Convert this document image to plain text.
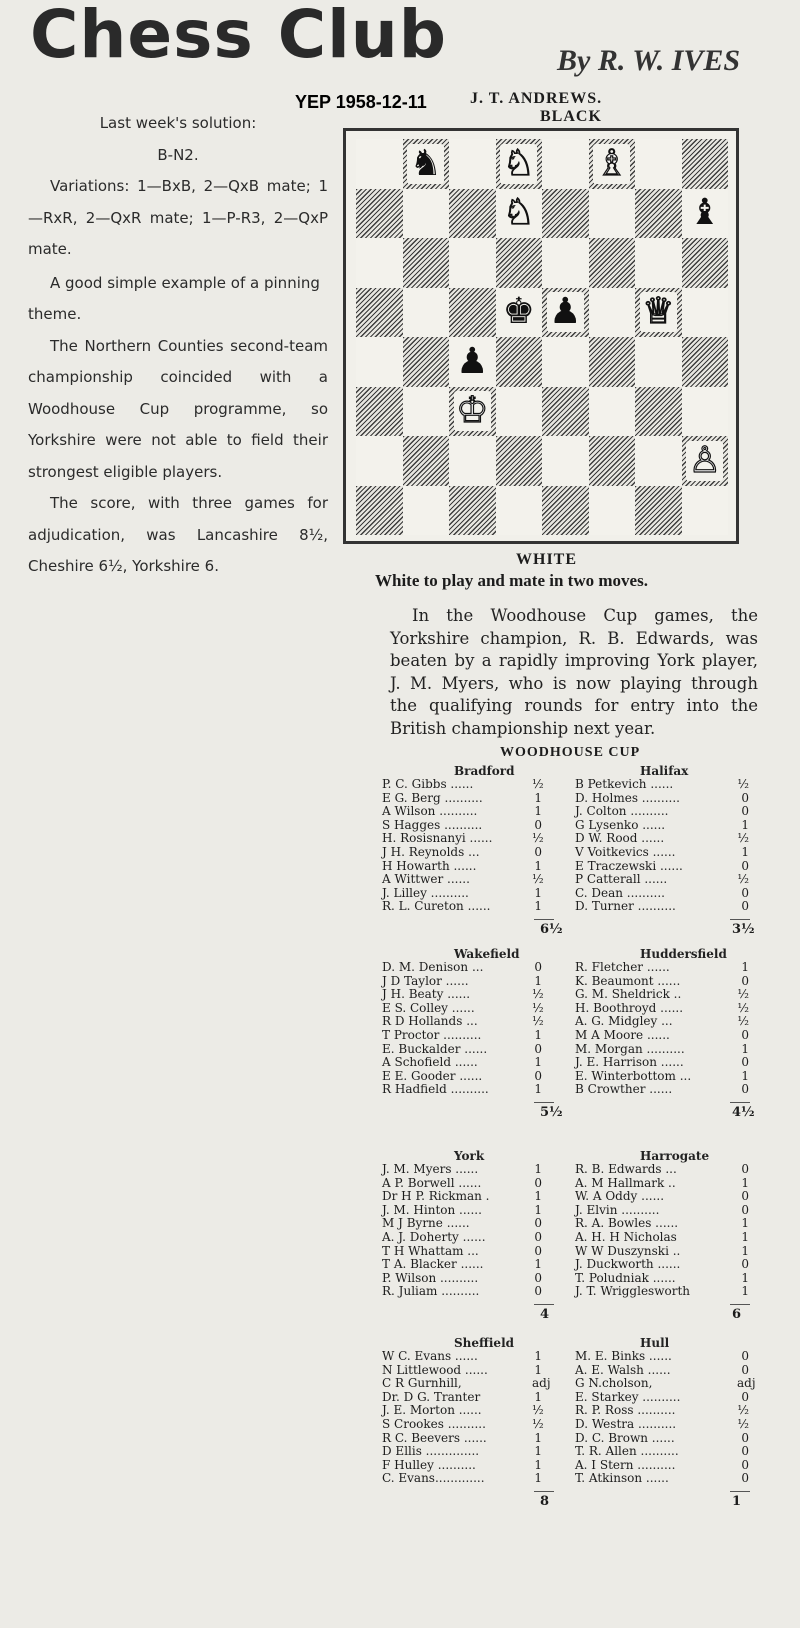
Chess Club	By R. W. IVES
YEP 1958-12-11	J. T. ANDREWS.
BLACK

Last week's solution:

B-N2.

Variations: 1—BxB, 2—QxB mate; 1—RxR, 2—QxR mate; 1—P-R3, 2—QxP mate.

A good simple example of a pinning theme.

The Northern Counties second-team championship coincided with a Woodhouse Cup programme, so Yorkshire were not able to field their strongest eligible players.

The score, with three games for adjudication, was Lancashire 8½, Cheshire 6½, Yorkshire 6.

♞ ♘ ♗
♘	♝
♚ ♟ ♕
♟
♔
♙
WHITE
White to play and mate in two moves.

In the Woodhouse Cup games, the Yorkshire champion, R. B. Edwards, was beaten by a rapidly improving York player, J. M. Myers, who is now playing through the qualifying rounds for entry into the British championship next year.

WOODHOUSE CUP
Bradford	Halifax
P. C. Gibbs ......	½	B Petkevich ......	½
E G. Berg ..........	1	D. Holmes ..........	0
A Wilson ..........	1	J. Colton ..........	0
S Hagges ..........	0	G Lysenko ......	1
H. Rosisnanyi ......	½	D W. Rood ......	½
J H. Reynolds ...	0	V Voitkevics ......	1
H Howarth ......	1	E Traczewski ......	0
A Wittwer ......	½	P Catterall ......	½
J. Lilley ..........	1	C. Dean ..........	0
R. L. Cureton ......	1	D. Turner ..........	0
6½	3½
Wakefield	Huddersfield
D. M. Denison ...	0	R. Fletcher ......	1
J D Taylor ......	1	K. Beaumont ......	0
J H. Beaty ......	½	G. M. Sheldrick ..	½
E S. Colley ......	½	H. Boothroyd ......	½
R D Hollands ...	½	A. G. Midgley ...	½
T Proctor ..........	1	M A Moore ......	0
E. Buckalder ......	0	M. Morgan ..........	1
A Schofield ......	1	J. E. Harrison ......	0
E E. Gooder ......	0	E. Winterbottom ...	1
R Hadfield ..........	1	B Crowther ......	0
5½	4½
York	Harrogate
J. M. Myers ......	1	R. B. Edwards ...	0
A P. Borwell ......	0	A. M Hallmark ..	1
Dr H P. Rickman .	1	W. A Oddy ......	0
J. M. Hinton ......	1	J. Elvin ..........	0
M J Byrne ......	0	R. A. Bowles ......	1
A. J. Doherty ......	0	A. H. H Nicholas	1
T H Whattam ...	0	W W Duszynski ..	1
T A. Blacker ......	1	J. Duckworth ......	0
P. Wilson ..........	0	T. Poludniak ......	1
R. Juliam ..........	0	J. T. Wrigglesworth	1
4	6
Sheffield	Hull
W C. Evans ......	1	M. E. Binks ......	0
N Littlewood ......	1	A. E. Walsh ......	0
C R Gurnhill,	adj G N.cholson,	adj
Dr. D G. Tranter	1	E. Starkey ..........	0
J. E. Morton ......	½	R. P. Ross ..........	½
S Crookes ..........	½	D. Westra ..........	½
R C. Beevers ......	1	D. C. Brown ......	0
D Ellis ..............	1	T. R. Allen ..........	0
F Hulley ..........	1	A. I Stern ..........	0
C. Evans.............	1	T. Atkinson ......	0
8	1
